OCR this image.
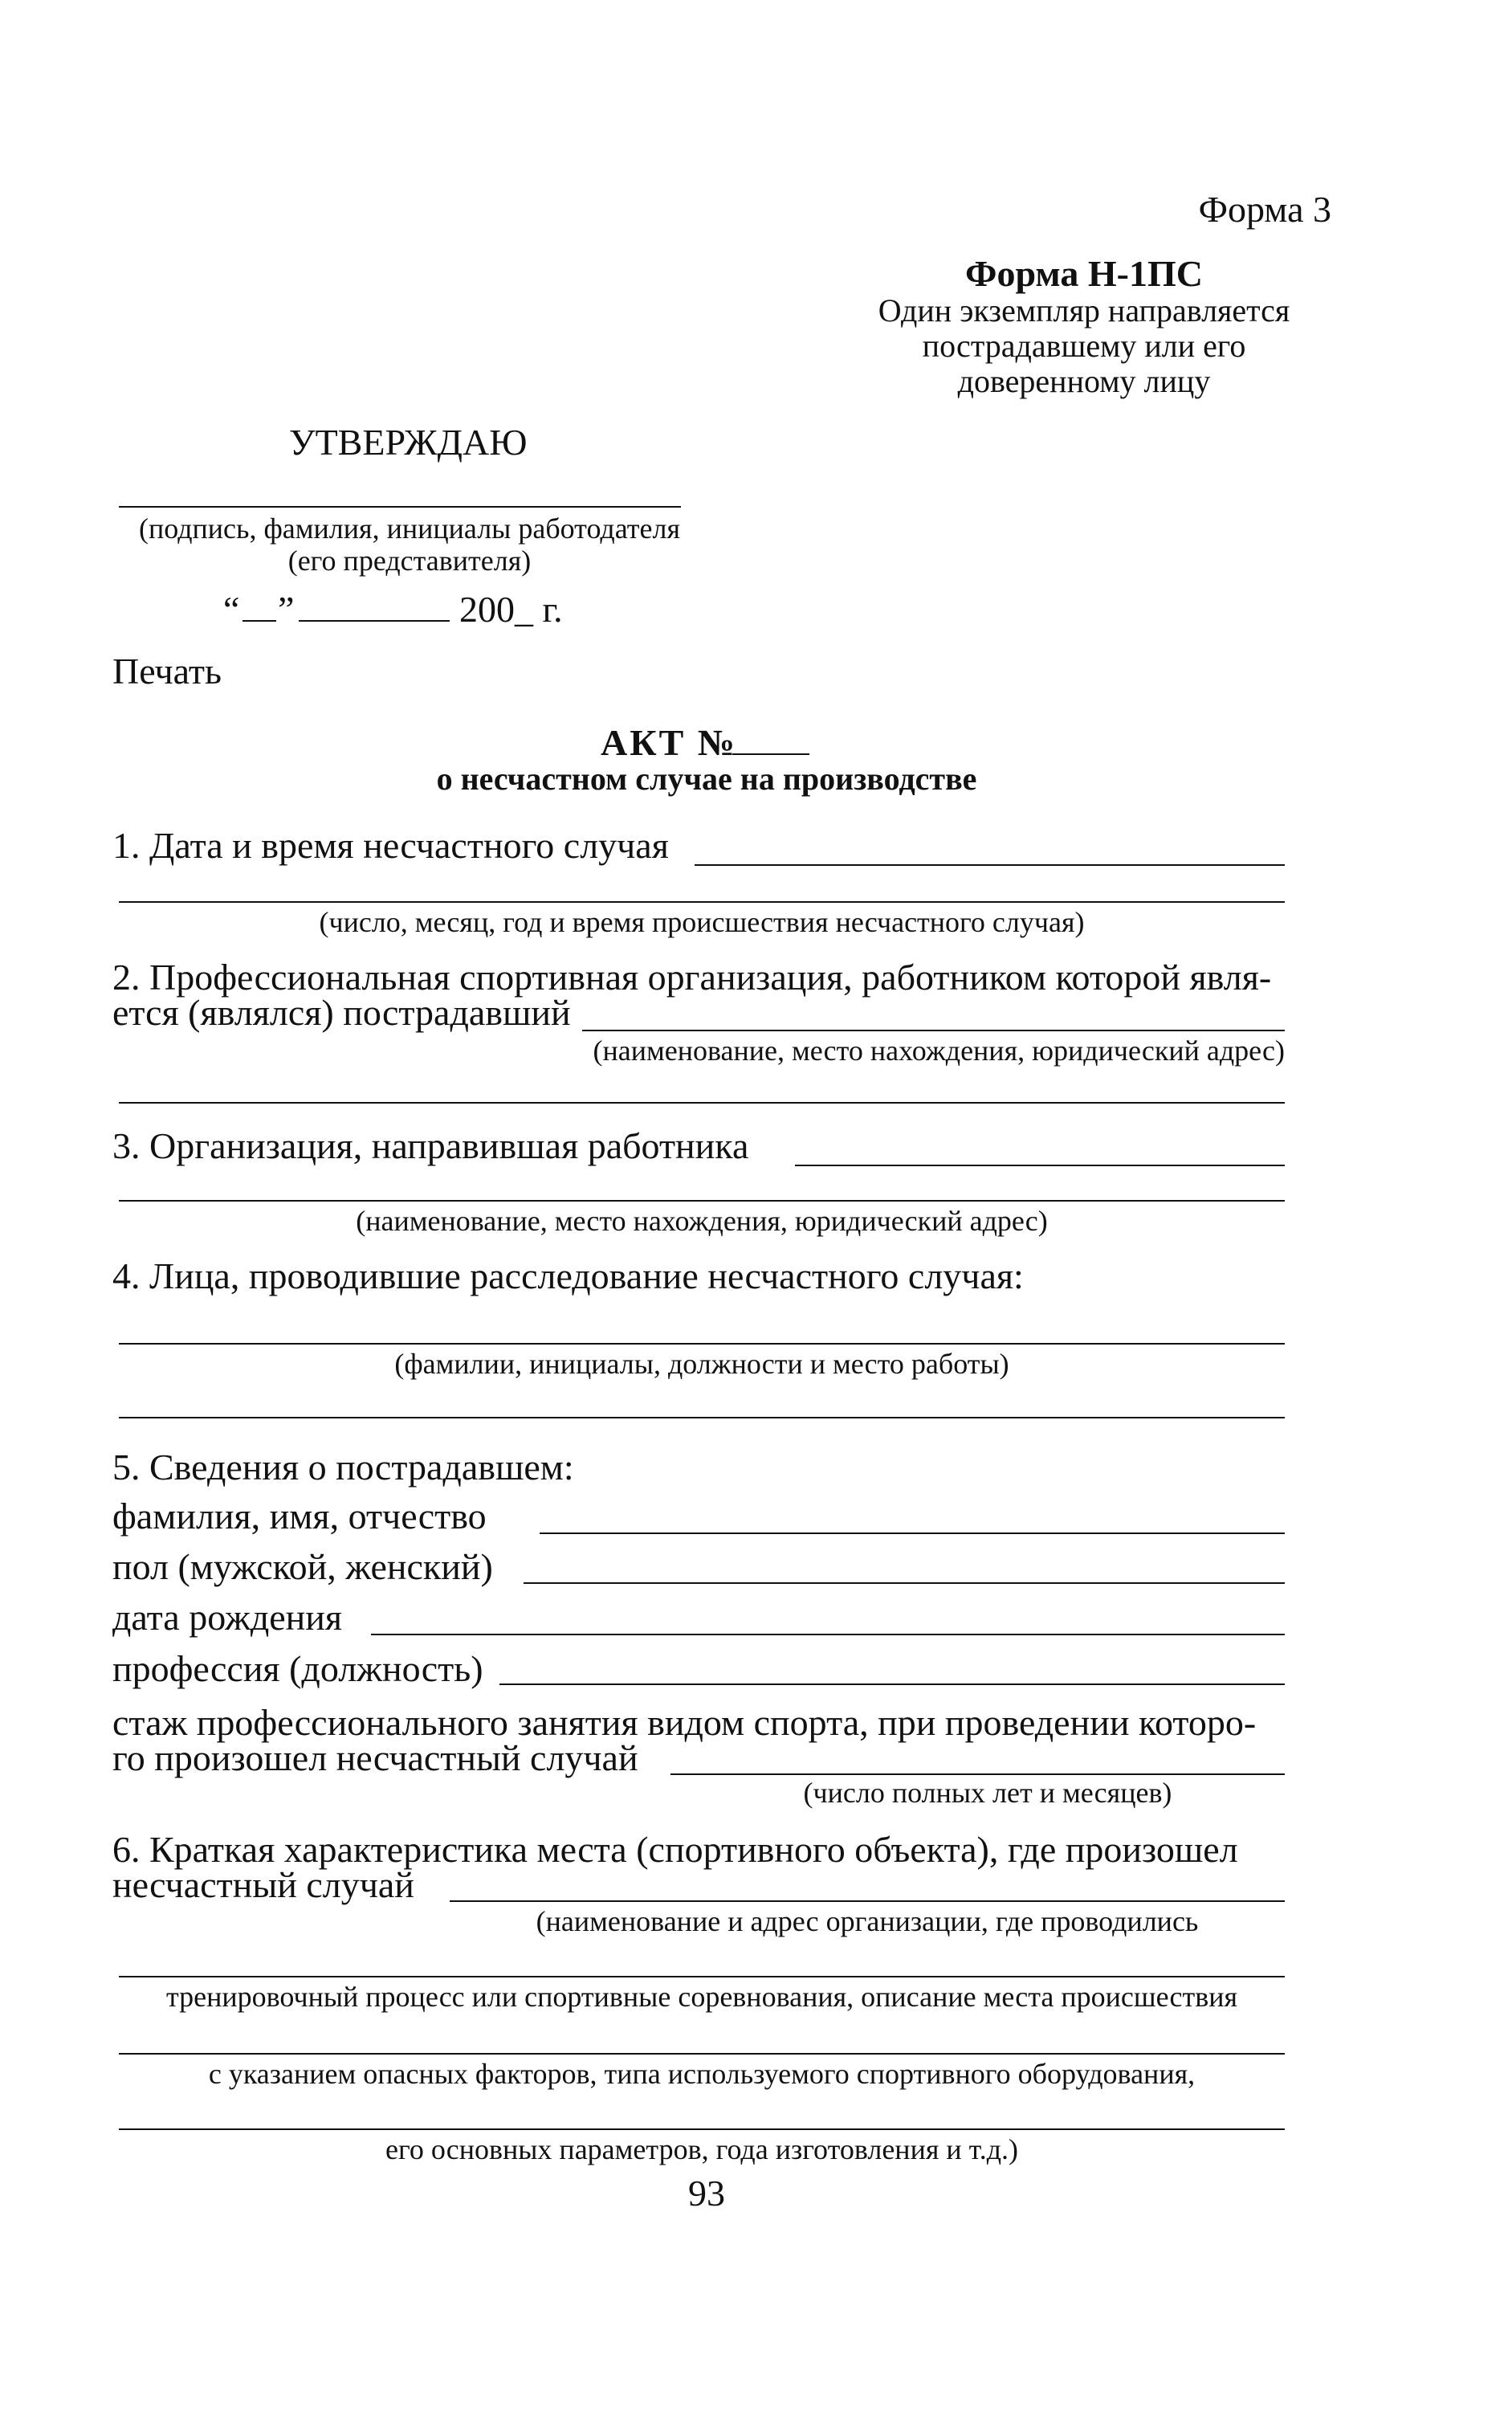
Форма 3
Форма Н-1ПС
Один экземпляр направляется
пострадавшему или его
доверенному лицу
УТВЕРЖДАЮ
(подпись, фамилия, инициалы работодателя
(его представителя)
“ ”	200_ г.
Печать
АКТ №
о несчастном случае на производстве
1. Дата и время несчастного случая
(число, месяц, год и время происшествия несчастного случая)
2. Профессиональная спортивная организация, работником которой явля-
ется (являлся) пострадавший
(наименование, место нахождения, юридический адрес)
3. Организация, направившая работника
(наименование, место нахождения, юридический адрес)
4. Лица, проводившие расследование несчастного случая:
(фамилии, инициалы, должности и место работы)
5. Сведения о пострадавшем:
фамилия, имя, отчество
пол (мужской, женский)
дата рождения
профессия (должность)
стаж профессионального занятия видом спорта, при проведении которо-
го произошел несчастный случай
(число полных лет и месяцев)
6. Краткая характеристика места (спортивного объекта), где произошел
несчастный случай
(наименование и адрес организации, где проводились
тренировочный процесс или спортивные соревнования, описание места происшествия
с указанием опасных факторов, типа используемого спортивного оборудования,
его основных параметров, года изготовления и т.д.)
93
